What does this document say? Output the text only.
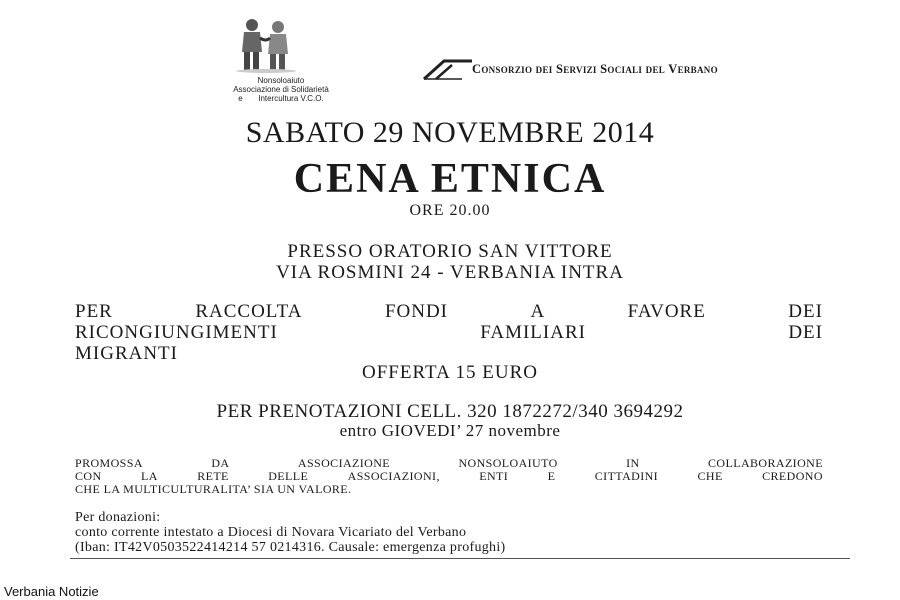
Nonsoloaiuto
Associazione di Solidarietà
e       Intercultura V.C.O.
Consorzio dei Servizi Sociali del Verbano
SABATO 29 NOVEMBRE 2014
CENA ETNICA
ORE 20.00
PRESSO ORATORIO SAN VITTORE
VIA ROSMINI 24 - VERBANIA INTRA
PER	RACCOLTA	FONDI	A	FAVORE	DEI
RICONGIUNGIMENTI	FAMILIARI	DEI
MIGRANTI
OFFERTA 15 EURO
PER PRENOTAZIONI CELL. 320 1872272/340 3694292
entro GIOVEDI’ 27 novembre
PROMOSSA	DA	ASSOCIAZIONE	NONSOLOAIUTO	IN	COLLABORAZIONE
CON	LA	RETE	DELLE	ASSOCIAZIONI,	ENTI	E	CITTADINI	CHE	CREDONO
CHE LA MULTICULTURALITA’ SIA UN VALORE.
Per donazioni:
conto corrente intestato a Diocesi di Novara Vicariato del Verbano
(Iban: IT42V0503522414214 57 0214316. Causale: emergenza profughi)
Verbania Notizie
